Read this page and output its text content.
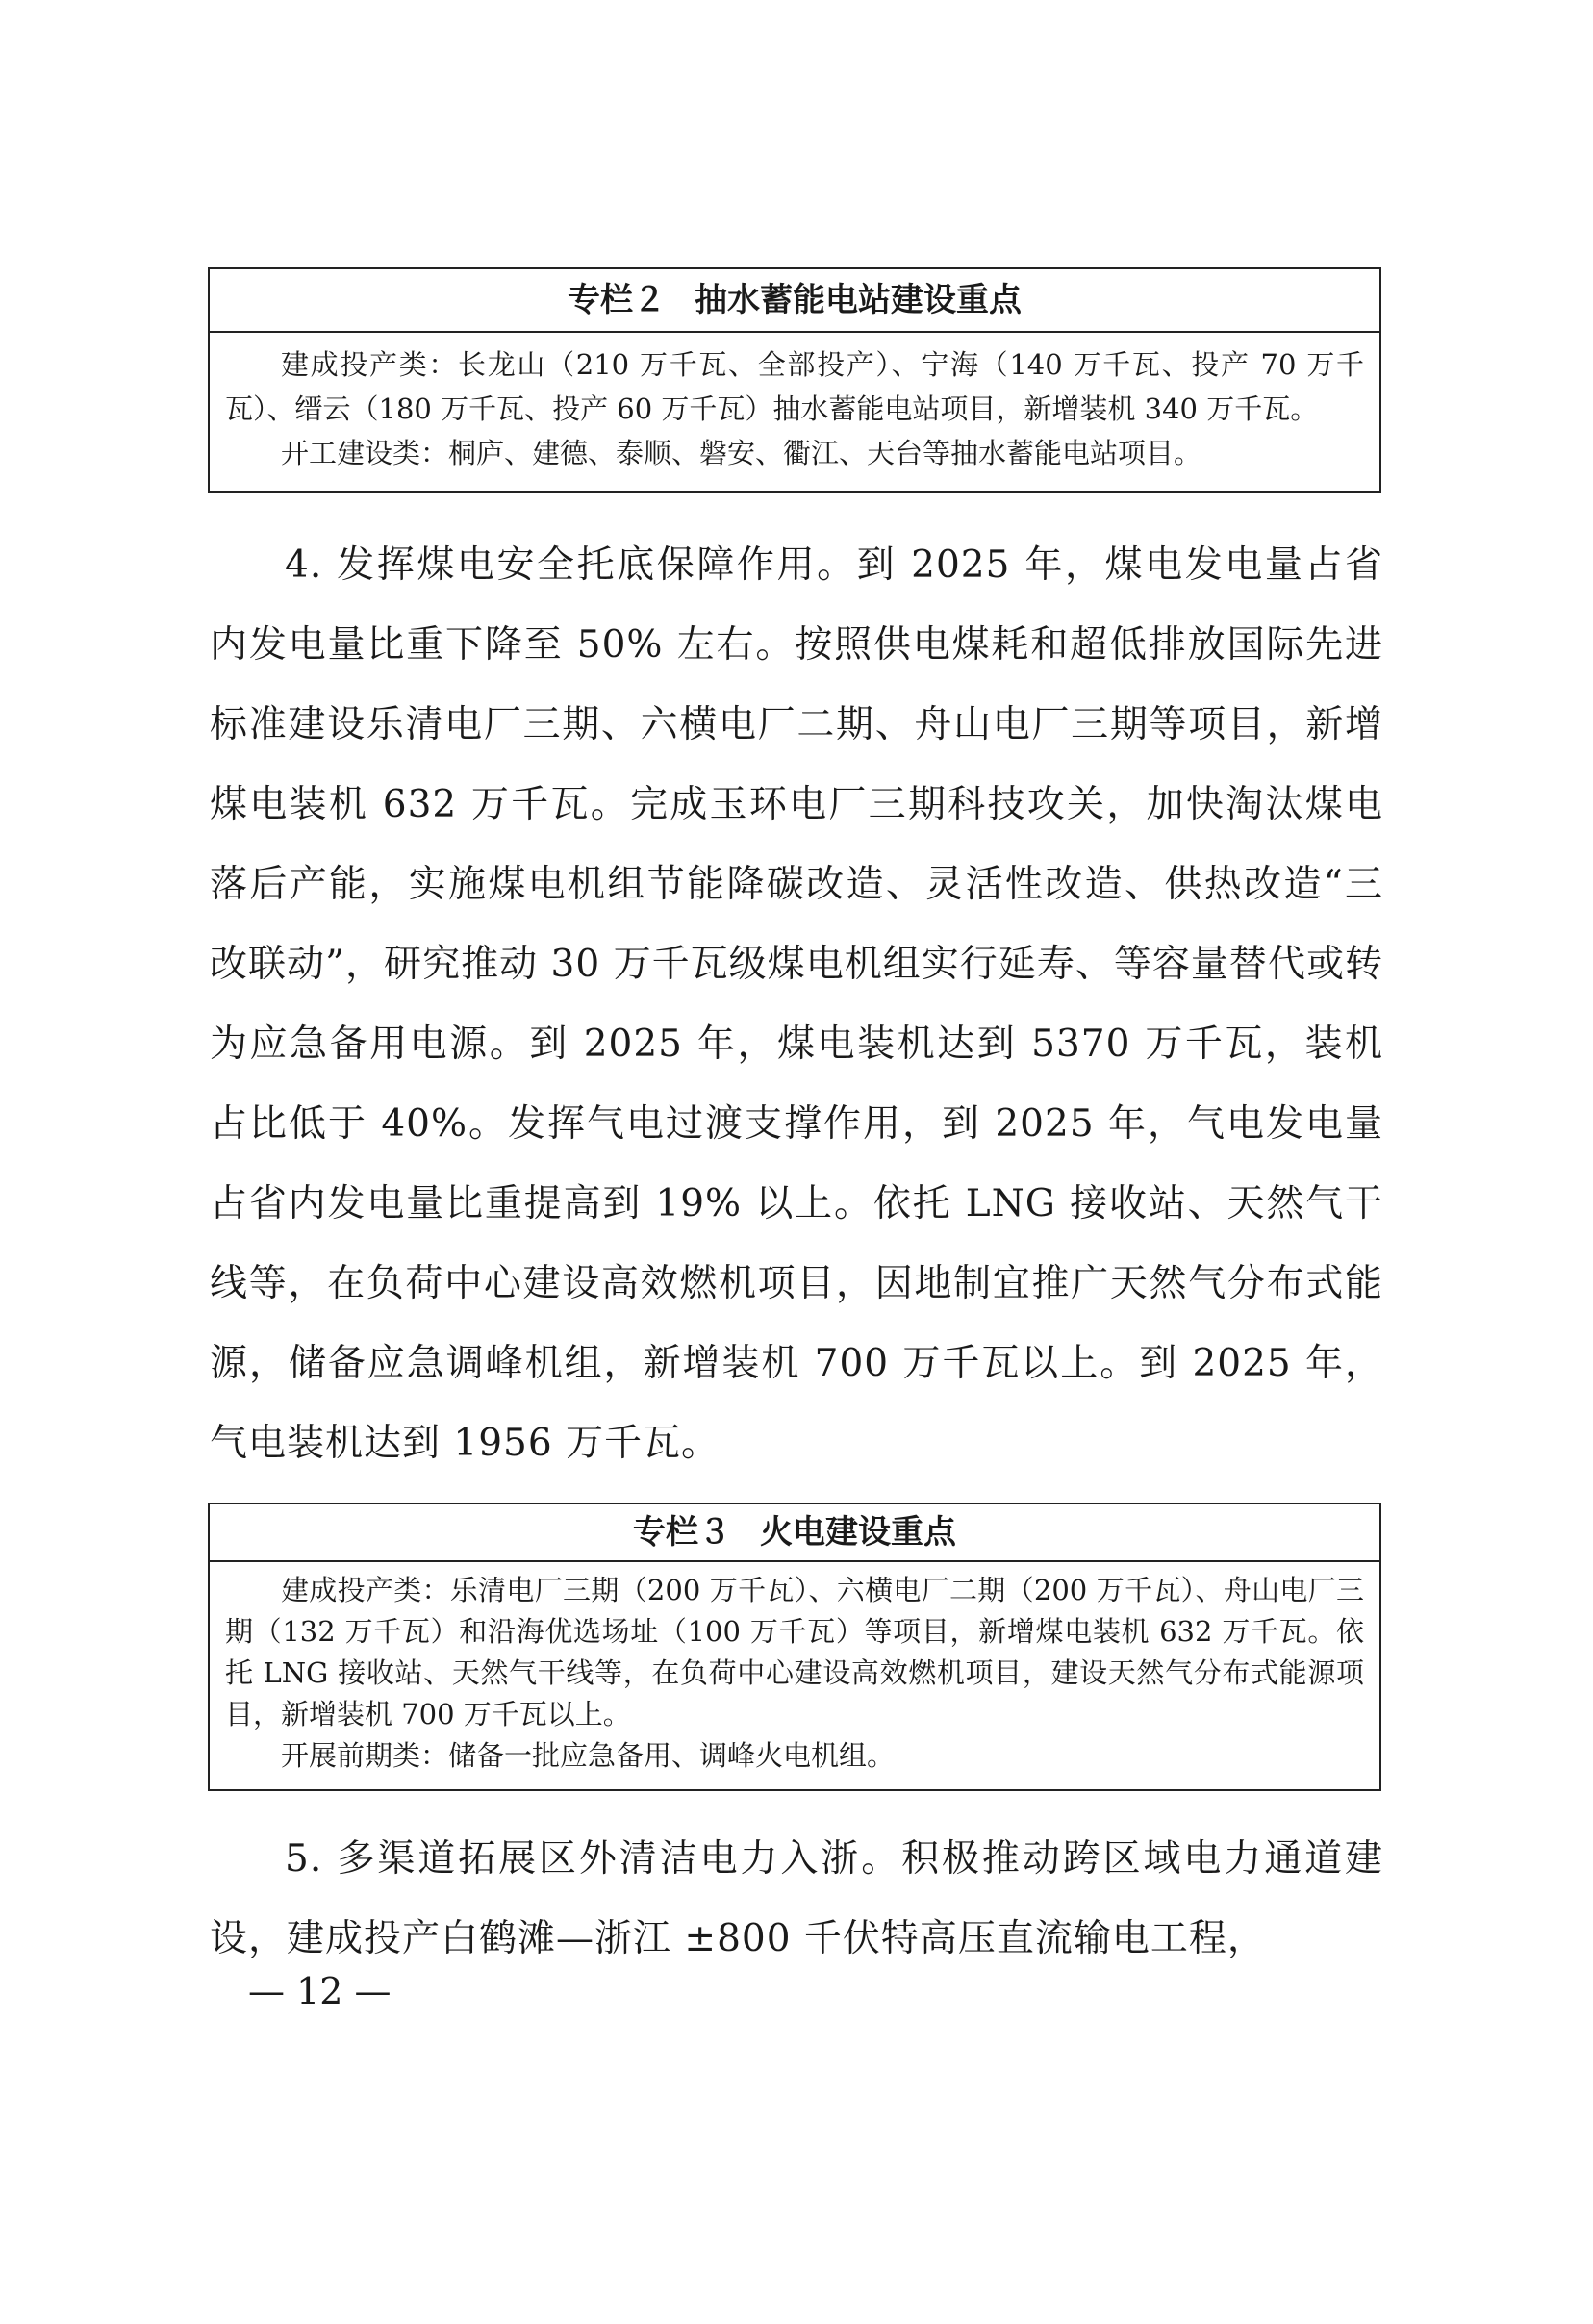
专栏２ 抽水蓄能电站建设重点

建成投产类：长龙山（210 万千瓦、全部投产）、宁海（140 万千瓦、投产 70 万千瓦）、缙云（180 万千瓦、投产 60 万千瓦）抽水蓄能电站项目，新增装机 340 万千瓦。

开工建设类：桐庐、建德、泰顺、磐安、衢江、天台等抽水蓄能电站项目。

4. 发挥煤电安全托底保障作用。到 2025 年，煤电发电量占省内发电量比重下降至 50% 左右。按照供电煤耗和超低排放国际先进标准建设乐清电厂三期、六横电厂二期、舟山电厂三期等项目，新增煤电装机 632 万千瓦。完成玉环电厂三期科技攻关，加快淘汰煤电落后产能，实施煤电机组节能降碳改造、灵活性改造、供热改造“三改联动”，研究推动 30 万千瓦级煤电机组实行延寿、等容量替代或转为应急备用电源。到 2025 年，煤电装机达到 5370 万千瓦，装机占比低于 40%。发挥气电过渡支撑作用，到 2025 年，气电发电量占省内发电量比重提高到 19% 以上。依托 LNG 接收站、天然气干线等，在负荷中心建设高效燃机项目，因地制宜推广天然气分布式能源，储备应急调峰机组，新增装机 700 万千瓦以上。到 2025 年，气电装机达到 1956 万千瓦。

专栏３ 火电建设重点

建成投产类：乐清电厂三期（200 万千瓦）、六横电厂二期（200 万千瓦）、舟山电厂三期（132 万千瓦）和沿海优选场址（100 万千瓦）等项目，新增煤电装机 632 万千瓦。依托 LNG 接收站、天然气干线等，在负荷中心建设高效燃机项目，建设天然气分布式能源项目，新增装机 700 万千瓦以上。

开展前期类：储备一批应急备用、调峰火电机组。

5. 多渠道拓展区外清洁电力入浙。积极推动跨区域电力通道建设，建成投产白鹤滩—浙江 ±800 千伏特高压直流输电工程，

— 12 —
